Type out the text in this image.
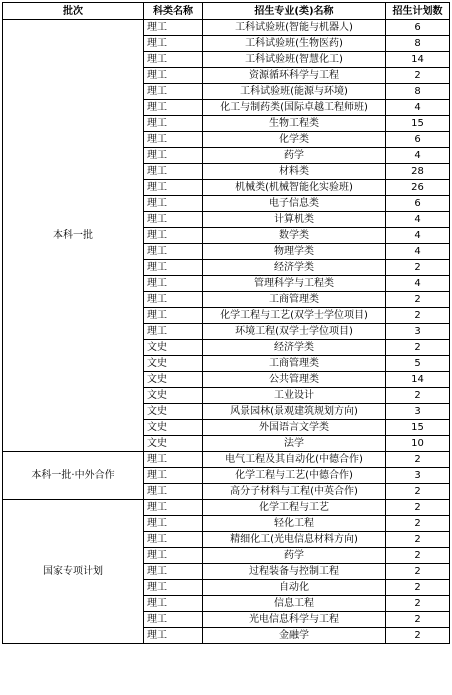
批次	科类名称	招生专业(类)名称	招生计划数
本科一批	理工	工科试验班(智能与机器人)	6
	理工	工科试验班(生物医药)	8
	理工	工科试验班(智慧化工)	14
	理工	资源循环科学与工程	2
	理工	工科试验班(能源与环境)	8
	理工	化工与制药类(国际卓越工程师班)	4
	理工	生物工程类	15
	理工	化学类	6
	理工	药学	4
	理工	材料类	28
	理工	机械类(机械智能化实验班)	26
	理工	电子信息类	6
	理工	计算机类	4
	理工	数学类	4
	理工	物理学类	4
	理工	经济学类	2
	理工	管理科学与工程类	4
	理工	工商管理类	2
	理工	化学工程与工艺(双学士学位项目)	2
	理工	环境工程(双学士学位项目)	3
	文史	经济学类	2
	文史	工商管理类	5
	文史	公共管理类	14
	文史	工业设计	2
	文史	风景园林(景观建筑规划方向)	3
	文史	外国语言文学类	15
	文史	法学	10
本科一批·中外合作	理工	电气工程及其自动化(中德合作)	2
	理工	化学工程与工艺(中德合作)	3
	理工	高分子材料与工程(中英合作)	2
国家专项计划	理工	化学工程与工艺	2
	理工	轻化工程	2
	理工	精细化工(光电信息材料方向)	2
	理工	药学	2
	理工	过程装备与控制工程	2
	理工	自动化	2
	理工	信息工程	2
	理工	光电信息科学与工程	2
	理工	金融学	2
